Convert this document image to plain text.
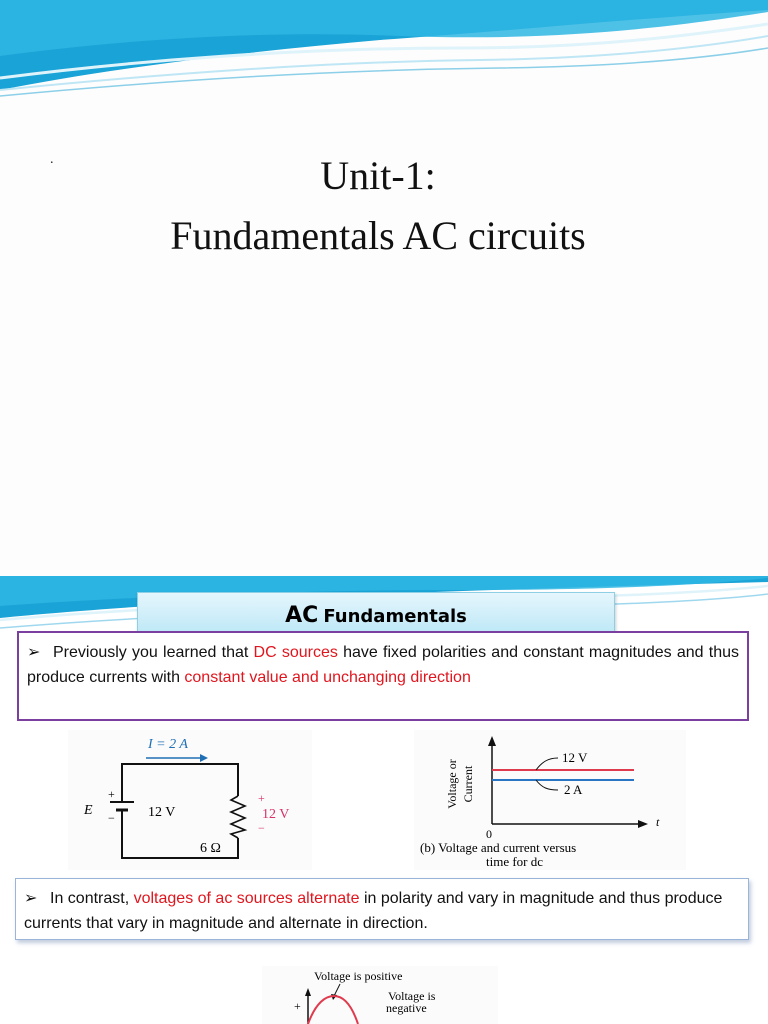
.	Unit-1:
Fundamentals AC circuits
AC Fundamentals
➢ Previously you learned that DC sources have fixed polarities and constant magnitudes and thus produce currents with constant value and unchanging direction
I = 2 A
+
−
E	12 V
+
12 V
−
6 Ω
Voltage or Current
12 V
2 A
0
t
(b) Voltage and current versus
time for dc
➢ In contrast, voltages of ac sources alternate in polarity and vary in magnitude and thus produce currents that vary in magnitude and alternate in direction.
Voltage is positive
Voltage is
negative
+
